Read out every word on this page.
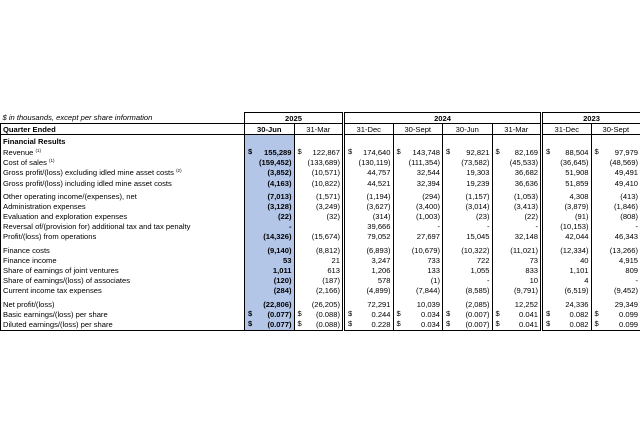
$ in thousands, except per share information	2025		2024				2023	
Quarter Ended	30-Jun	31-Mar	31-Dec	30-Sept	30-Jun	31-Mar	31-Dec	30-Sept
Financial Results								
Revenue $^{(1)}$	$ 155,289	$ 122,867	$ 174,640	$ 143,748	$ 92,821	$ 82,169	$ 88,504	$ 97,979
Cost of sales $^{(1)}$	(159,452)	(133,689)	(130,119)	(111,354)	(73,582)	(45,533)	(36,645)	(48,569)
Gross profit/(loss) excluding idled mine asset costs $^{(2)}$	(3,852)	(10,571)	44,757	32,544	19,303	36,682	51,908	49,491
Gross profit/(loss) including idled mine asset costs	(4,163)	(10,822)	44,521	32,394	19,239	36,636	51,859	49,410

Other operating income/(expenses), net	(7,013)	(1,571)	(1,194)	(294)	(1,157)	(1,053)	4,308	(413)
Administration expenses	(3,128)	(3,249)	(3,627)	(3,400)	(3,014)	(3,413)	(3,879)	(1,846)
Evaluation and exploration expenses	(22)	(32)	(314)	(1,003)	(23)	(22)	(91)	(808)
Reversal of/(provision for) additional tax and tax penalty	-		39,666	-	-	-	(10,153)	-
Profit/(loss) from operations	(14,326)	(15,674)	79,052	27,697	15,045	32,148	42,044	46,343

Finance costs	(9,140)	(8,812)	(6,893)	(10,679)	(10,322)	(11,021)	(12,334)	(13,266)
Finance income	53	21	3,247	733	722	73	40	4,915
Share of earnings of joint ventures	1,011	613	1,206	133	1,055	833	1,101	809
Share of earnings/(loss) of associates	(120)	(187)	578	(1)	-	10	4	-
Current income tax expenses	(284)	(2,166)	(4,899)	(7,844)	(8,585)	(9,791)	(6,519)	(9,452)

Net profit/(loss)	(22,806)	(26,205)	72,291	10,039	(2,085)	12,252	24,336	29,349
Basic earnings/(loss) per share	$ (0.077)	$ (0.088)	$ 0.244	$ 0.034	$ (0.007)	$ 0.041	$ 0.082	$ 0.099
Diluted earnings/(loss) per share	$ (0.077)	$ (0.088)	$ 0.228	$ 0.034	$ (0.007)	$ 0.041	$ 0.082	$ 0.099
